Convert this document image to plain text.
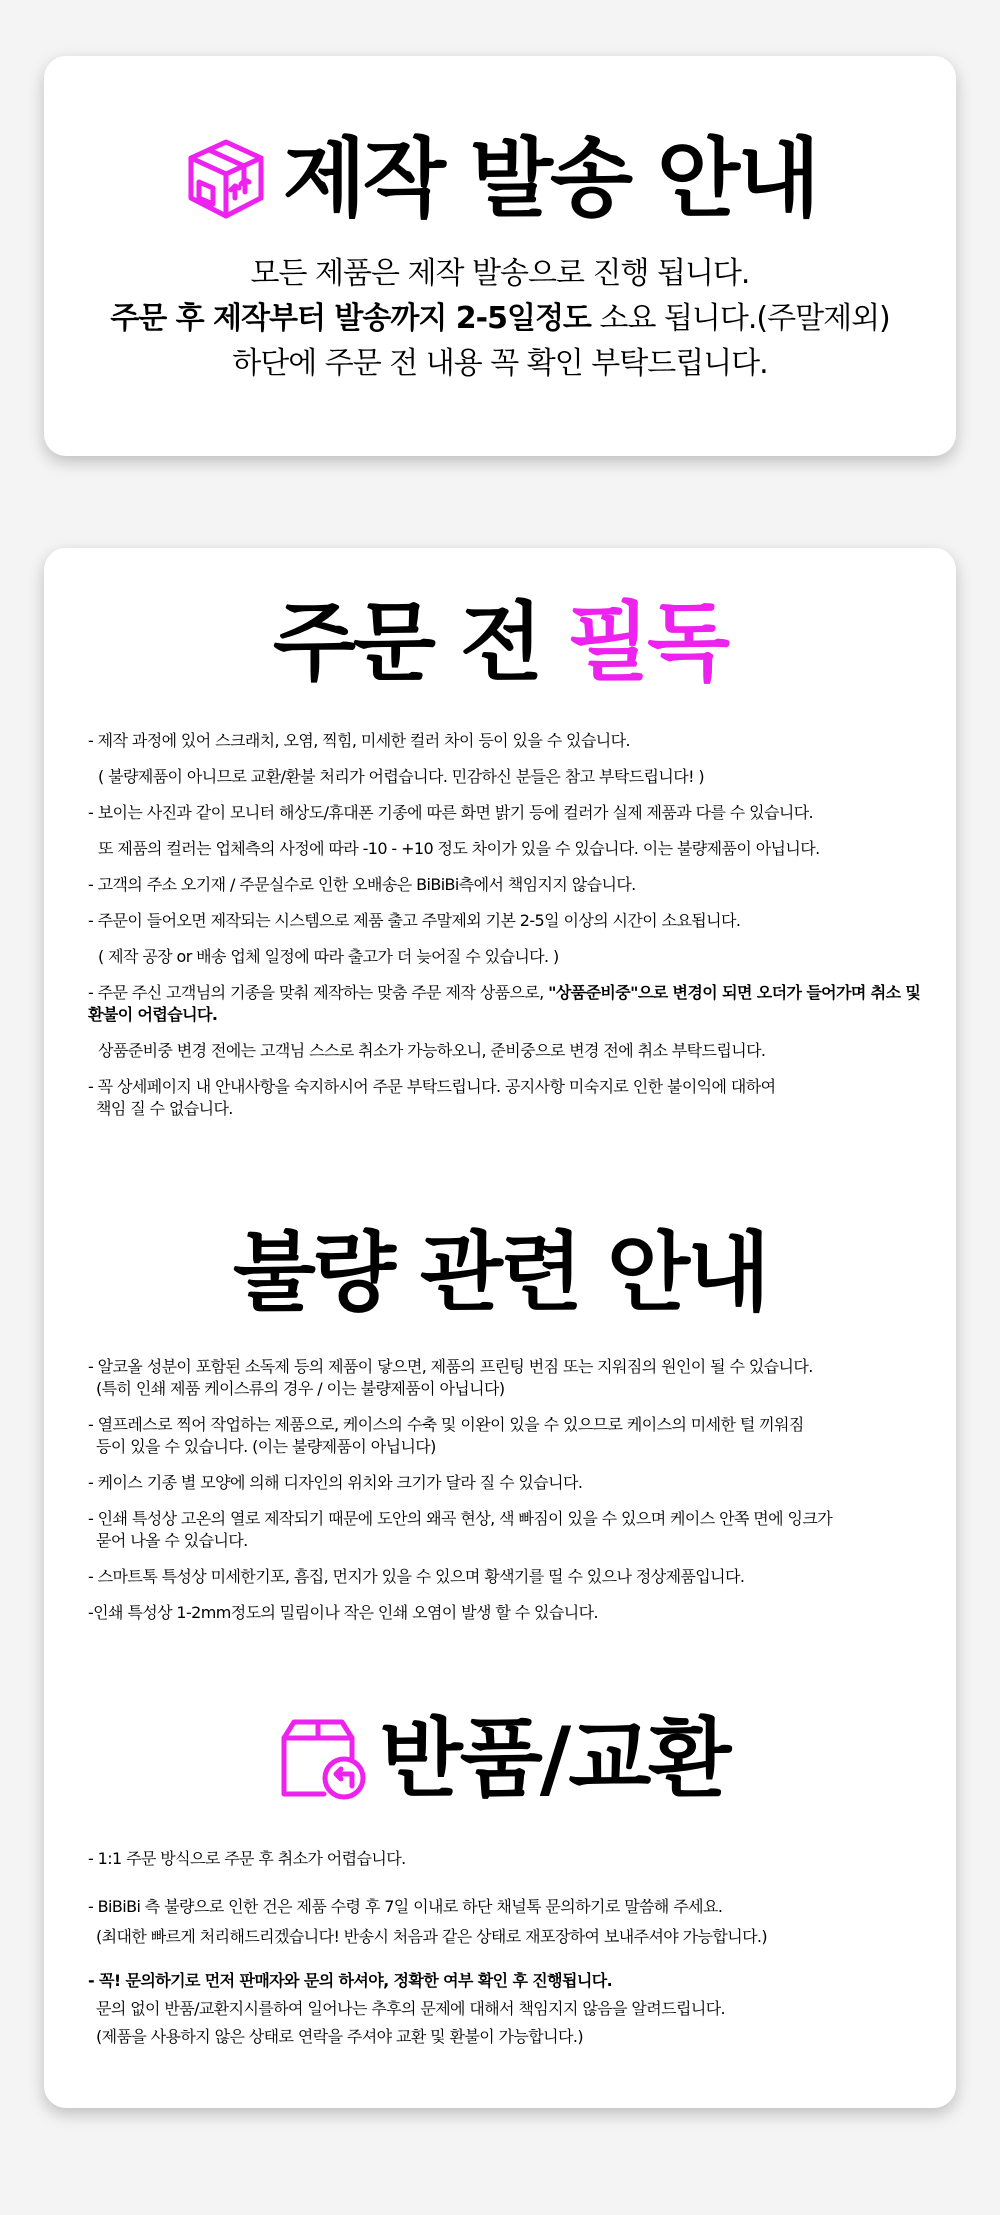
제작 발송 안내
모든 제품은 제작 발송으로 진행 됩니다.
주문 후 제작부터 발송까지 2-5일정도 소요 됩니다.(주말제외)
하단에 주문 전 내용 꼭 확인 부탁드립니다.
주문 전 필독
- 제작 과정에 있어 스크래치, 오염, 찍힘, 미세한 컬러 차이 등이 있을 수 있습니다.
( 불량제품이 아니므로 교환/환불 처리가 어렵습니다. 민감하신 분들은 참고 부탁드립니다! )
- 보이는 사진과 같이 모니터 해상도/휴대폰 기종에 따른 화면 밝기 등에 컬러가 실제 제품과 다를 수 있습니다.
또 제품의 컬러는 업체측의 사정에 따라 -10 - +10 정도 차이가 있을 수 있습니다. 이는 불량제품이 아닙니다.
- 고객의 주소 오기재 / 주문실수로 인한 오배송은 BiBiBi측에서 책임지지 않습니다.
- 주문이 들어오면 제작되는 시스템으로 제품 출고 주말제외 기본 2-5일 이상의 시간이 소요됩니다.
( 제작 공장 or 배송 업체 일정에 따라 출고가 더 늦어질 수 있습니다. )
- 주문 주신 고객님의 기종을 맞춰 제작하는 맞춤 주문 제작 상품으로, "상품준비중"으로 변경이 되면 오더가 들어가며 취소 및 환불이 어렵습니다.
상품준비중 변경 전에는 고객님 스스로 취소가 가능하오니, 준비중으로 변경 전에 취소 부탁드립니다.
- 꼭 상세페이지 내 안내사항을 숙지하시어 주문 부탁드립니다. 공지사항 미숙지로 인한 불이익에 대하여
책임 질 수 없습니다.
불량 관련 안내
- 알코올 성분이 포함된 소독제 등의 제품이 닿으면, 제품의 프린팅 번짐 또는 지워짐의 원인이 될 수 있습니다.
(특히 인쇄 제품 케이스류의 경우 / 이는 불량제품이 아닙니다)
- 열프레스로 찍어 작업하는 제품으로, 케이스의 수축 및 이완이 있을 수 있으므로 케이스의 미세한 털 끼워짐
등이 있을 수 있습니다. (이는 불량제품이 아닙니다)
- 케이스 기종 별 모양에 의해 디자인의 위치와 크기가 달라 질 수 있습니다.
- 인쇄 특성상 고온의 열로 제작되기 때문에 도안의 왜곡 현상, 색 빠짐이 있을 수 있으며 케이스 안쪽 면에 잉크가
묻어 나올 수 있습니다.
- 스마트톡 특성상 미세한기포, 흠집, 먼지가 있을 수 있으며 황색기를 띨 수 있으나 정상제품입니다.
-인쇄 특성상 1-2mm정도의 밀림이나 작은 인쇄 오염이 발생 할 수 있습니다.
반품/교환
- 1:1 주문 방식으로 주문 후 취소가 어렵습니다.
- BiBiBi 측 불량으로 인한 건은 제품 수령 후 7일 이내로 하단 채널톡 문의하기로 말씀해 주세요.
(최대한 빠르게 처리해드리겠습니다! 반송시 처음과 같은 상태로 재포장하여 보내주셔야 가능합니다.)
- 꼭! 문의하기로 먼저 판매자와 문의 하셔야, 정확한 여부 확인 후 진행됩니다.
문의 없이 반품/교환지시를하여 일어나는 추후의 문제에 대해서 책임지지 않음을 알려드립니다.
(제품을 사용하지 않은 상태로 연락을 주셔야 교환 및 환불이 가능합니다.)
